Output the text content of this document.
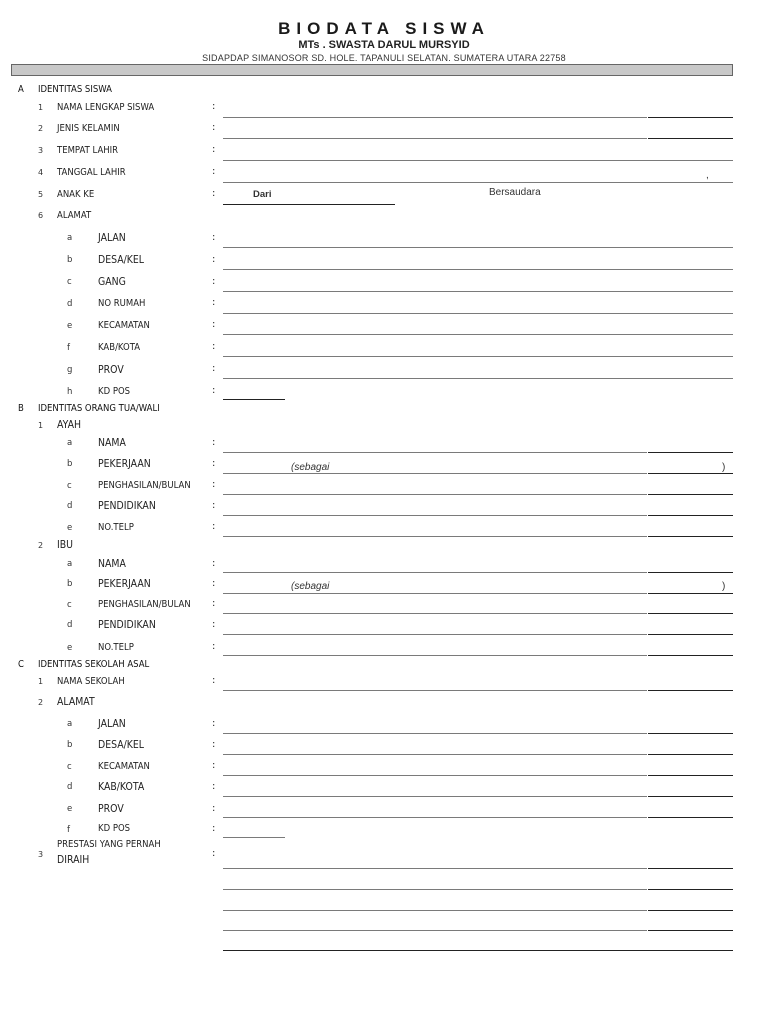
BIODATA SISWA
MTs . SWASTA DARUL MURSYID
SIDAPDAP SIMANOSOR SD. HOLE. TAPANULI SELATAN. SUMATERA UTARA 22758
A IDENTITAS SISWA
1 NAMA LENGKAP SISWA	:
2 JENIS KELAMIN	:
3 TEMPAT LAHIR	:
4 TANGGAL LAHIR	:	,
5 ANAK KE	:	Dari	Bersaudara
6 ALAMAT
a JALAN	:
b DESA/KEL	:
c GANG	:
d	NO RUMAH	:
e	KECAMATAN	:
f	KAB/KOTA	:
g PROV	:
h	KD POS	:
B IDENTITAS ORANG TUA/WALI
1 AYAH
a NAMA	:
b PEKERJAAN	:	(sebagai	)
c	PENGHASILAN/BULAN :
d PENDIDIKAN	:
e	NO.TELP	:
2 IBU
a NAMA	:
b PEKERJAAN	:	(sebagai	)
c	PENGHASILAN/BULAN :
d PENDIDIKAN	:
e	NO.TELP	:
C IDENTITAS SEKOLAH ASAL
1 NAMA SEKOLAH	:
2 ALAMAT
a JALAN	:
b DESA/KEL	:
c	KECAMATAN	:
d KAB/KOTA	:
e PROV	:
f	KD POS	:
3
PRESTASI YANG PERNAH
DIRAIH	:
